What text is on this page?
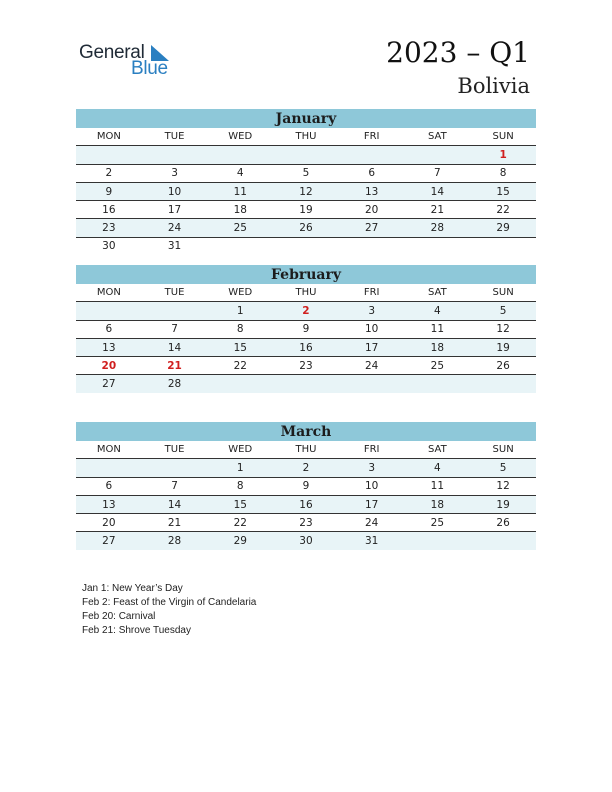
General
Blue	2023 – Q1
Bolivia
January
MON	TUE	WED	THU	FRI	SAT	SUN
						1
2	3	4	5	6	7	8
9	10	11	12	13	14	15
16	17	18	19	20	21	22
23	24	25	26	27	28	29
30	31					
February
MON	TUE	WED	THU	FRI	SAT	SUN
		1	2	3	4	5
6	7	8	9	10	11	12
13	14	15	16	17	18	19
20	21	22	23	24	25	26
27	28					
March
MON	TUE	WED	THU	FRI	SAT	SUN
		1	2	3	4	5
6	7	8	9	10	11	12
13	14	15	16	17	18	19
20	21	22	23	24	25	26
27	28	29	30	31		
Jan 1: New Year’s Day
Feb 2: Feast of the Virgin of Candelaria
Feb 20: Carnival
Feb 21: Shrove Tuesday
